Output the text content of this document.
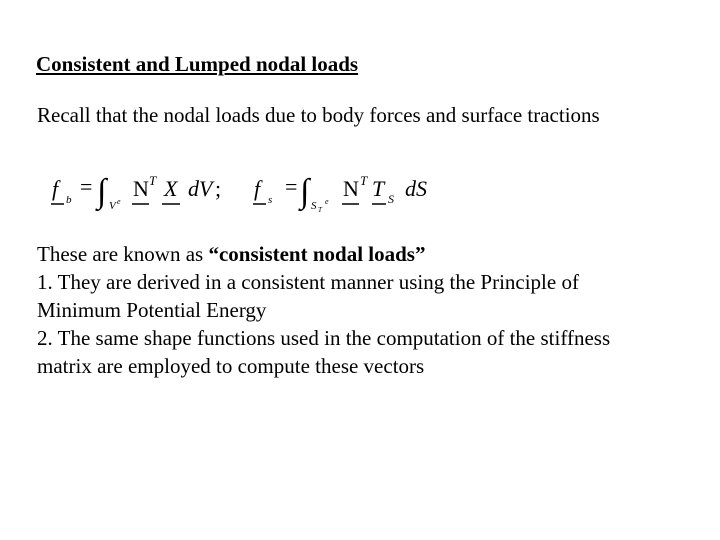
Consistent and Lumped nodal loads
Recall that the nodal loads due to body forces and surface tractions
f b
= ∫ V e
N T X dV ; f s
= ∫ S T
e
N T T S dS
These are known as “consistent nodal loads”
1. They are derived in a consistent manner using the Principle of
Minimum Potential Energy
2. The same shape functions used in the computation of the stiffness
matrix are employed to compute these vectors
